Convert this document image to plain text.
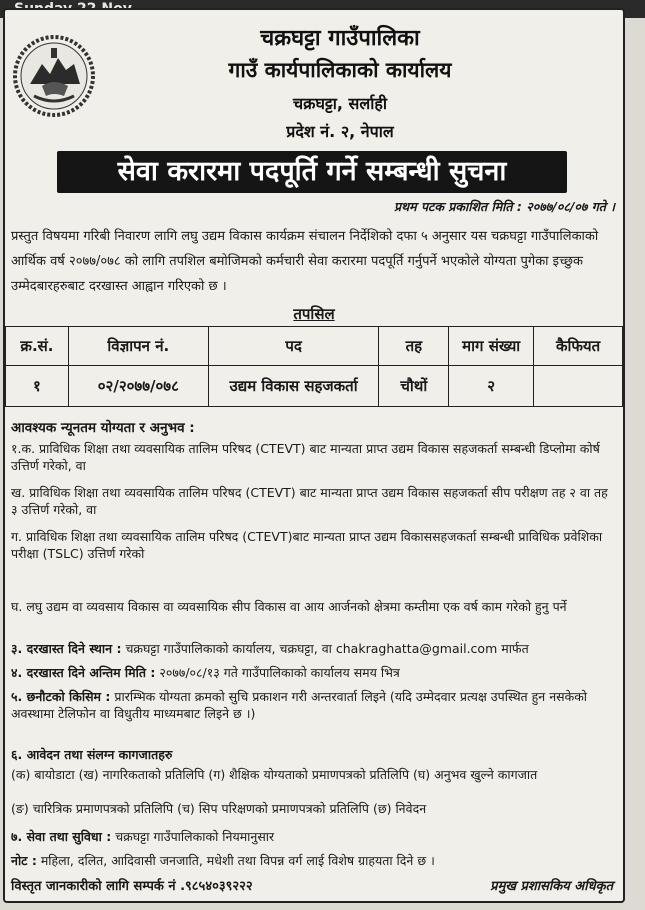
चक्रघट्टा गाउँपालिका
गाउँ कार्यपालिकाको कार्यालय
चक्रघट्टा, सर्लाही
प्रदेश नं. २, नेपाल
सेवा करारमा पदपूर्ति गर्ने सम्बन्धी सुचना
प्रथम पटक प्रकाशित मिति : २०७७/०८/०७ गते ।
प्रस्तुत विषयमा गरिबी निवारण लागि लघु उद्यम विकास कार्यक्रम संचालन निर्देशिको दफा ५ अनुसार यस चक्रघट्टा गाउँपालिकाको आर्थिक वर्ष २०७७/०७८ को लागि तपशिल बमोजिमको कर्मचारी सेवा करारमा पदपूर्ति गर्नुपर्ने भएकोले योग्यता पुगेका इच्छुक उम्मेदबारहरुबाट दरखास्त आह्वान गरिएको छ ।
तपसिल
क्र.सं.	विज्ञापन नं.	पद	तह	माग संख्या	कैफियत
१	०२/२०७७/०७८	उद्यम विकास सहजकर्ता	चौथों	२	
आवश्यक न्यूनतम योग्यता र अनुभव :
१.क. प्राविधिक शिक्षा तथा व्यवसायिक तालिम परिषद (CTEVT) बाट मान्यता प्राप्त उद्यम विकास सहजकर्ता सम्बन्धी डिप्लोमा कोर्ष उत्तिर्ण गरेको, वा
ख. प्राविधिक शिक्षा तथा व्यवसायिक तालिम परिषद (CTEVT) बाट मान्यता प्राप्त उद्यम विकास सहजकर्ता सीप परीक्षण तह २ वा तह ३ उत्तिर्ण गरेको, वा
ग. प्राविधिक शिक्षा तथा व्यवसायिक तालिम परिषद (CTEVT)बाट मान्यता प्राप्त उद्यम विकाससहजकर्ता सम्बन्धी प्राविधिक प्रवेशिका परीक्षा (TSLC) उत्तिर्ण गरेको
घ. लघु उद्यम वा व्यवसाय विकास वा व्यवसायिक सीप विकास वा आय आर्जनको क्षेत्रमा कम्तीमा एक वर्ष काम गरेको हुनु पर्ने
३. दरखास्त दिने स्थान : चक्रघट्टा गाउँपालिकाको कार्यालय, चक्रघट्टा, वा chakraghatta@gmail.com मार्फत
४. दरखास्त दिने अन्तिम मिति : २०७७/०८/१३ गते गाउँपालिकाको कार्यालय समय भित्र
५. छनौटको किसिम : प्रारम्भिक योग्यता क्रमको सुचि प्रकाशन गरी अन्तरवार्ता लिइने (यदि उम्मेदवार प्रत्यक्ष उपस्थित हुन नसकेको अवस्थामा टेलिफोन वा विधुतीय माध्यमबाट लिइने छ ।)
६. आवेदन तथा संलग्न कागजातहरु
(क) बायोडाटा (ख) नागरिकताको प्रतिलिपि (ग) शैक्षिक योग्यताको प्रमाणपत्रको प्रतिलिपि (घ) अनुभव खुल्ने कागजात
(ङ) चारित्रिक प्रमाणपत्रको प्रतिलिपि (च) सिप परिक्षणको प्रमाणपत्रको प्रतिलिपि (छ) निवेदन
७. सेवा तथा सुविधा : चक्रघट्टा गाउँपालिकाको नियमानुसार
नोट : महिला, दलित, आदिवासी जनजाति, मधेशी तथा विपन्न वर्ग लाई विशेष ग्राहयता दिने छ ।
विस्तृत जानकारीको लागि सम्पर्क नं .९८५४०३९२२२	प्रमुख प्रशासकिय अधिकृत
